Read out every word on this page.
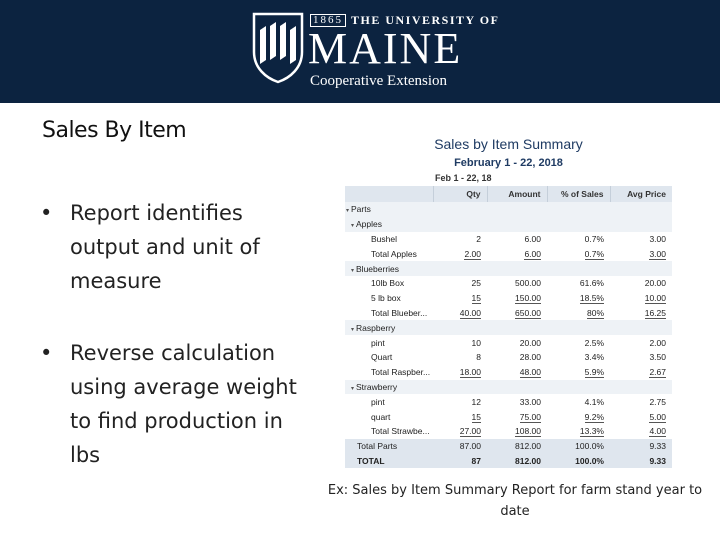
1865 THE UNIVERSITY OF
MAINE
Cooperative Extension
Sales By Item
• Report identifies output and unit of measure
• Reverse calculation using average weight to find production in lbs
Sales by Item Summary
February 1 - 22, 2018
Feb 1 - 22, 18
	Qty	Amount	% of Sales	Avg Price
▾ Parts				
▾ Apples				
Bushel	2	6.00	0.7%	3.00
Total Apples	2.00	6.00	0.7%	3.00
▾ Blueberries				
10lb Box	25	500.00	61.6%	20.00
5 lb box	15	150.00	18.5%	10.00
Total Blueber...	40.00	650.00	80%	16.25
▾ Raspberry				
pint	10	20.00	2.5%	2.00
Quart	8	28.00	3.4%	3.50
Total Raspber...	18.00	48.00	5.9%	2.67
▾ Strawberry				
pint	12	33.00	4.1%	2.75
quart	15	75.00	9.2%	5.00
Total Strawbe...	27.00	108.00	13.3%	4.00
Total Parts	87.00	812.00	100.0%	9.33
TOTAL	87	812.00	100.0%	9.33
Ex: Sales by Item Summary Report for farm stand year to date
